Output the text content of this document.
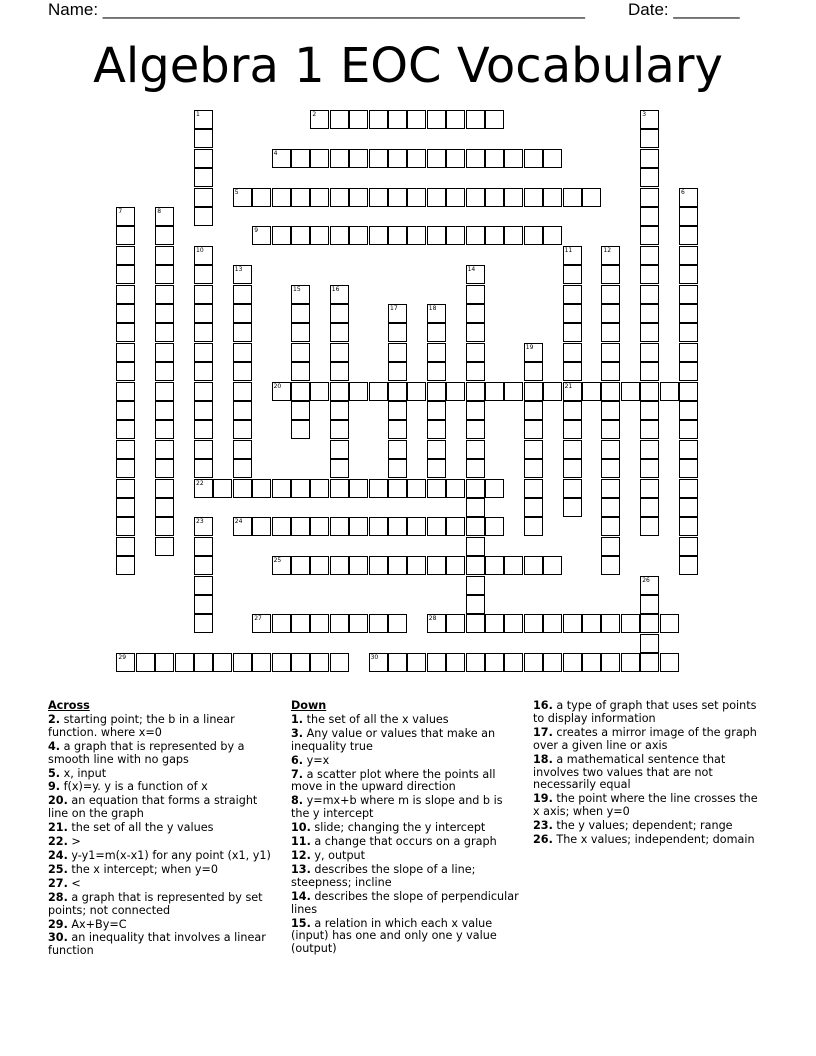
Name: ___________________________________________________	Date: _______
Algebra 1 EOC Vocabulary
1	2	3
4
5	6
7	8
9
10	11
21
12
13	14
15	16
17	18
19
20
22
23	24
25
26
27	28
29	30
Across
2. starting point; the b in a linear function. where x=0
4. a graph that is represented by a smooth line with no gaps
5. x, input
9. f(x)=y. y is a function of x
20. an equation that forms a straight line on the graph
21. the set of all the y values
22. >
24. y-y1=m(x-x1) for any point (x1, y1)
25. the x intercept; when y=0
27. <
28. a graph that is represented by set points; not connected
29. Ax+By=C
30. an inequality that involves a linear function
Down
1. the set of all the x values
3. Any value or values that make an inequality true
6. y=x
7. a scatter plot where the points all move in the upward direction
8. y=mx+b where m is slope and b is the y intercept
10. slide; changing the y intercept
11. a change that occurs on a graph
12. y, output
13. describes the slope of a line; steepness; incline
14. describes the slope of perpendicular lines
15. a relation in which each x value (input) has one and only one y value (output)
16. a type of graph that uses set points to display information
17. creates a mirror image of the graph over a given line or axis
18. a mathematical sentence that involves two values that are not necessarily equal
19. the point where the line crosses the x axis; when y=0
23. the y values; dependent; range
26. The x values; independent; domain
